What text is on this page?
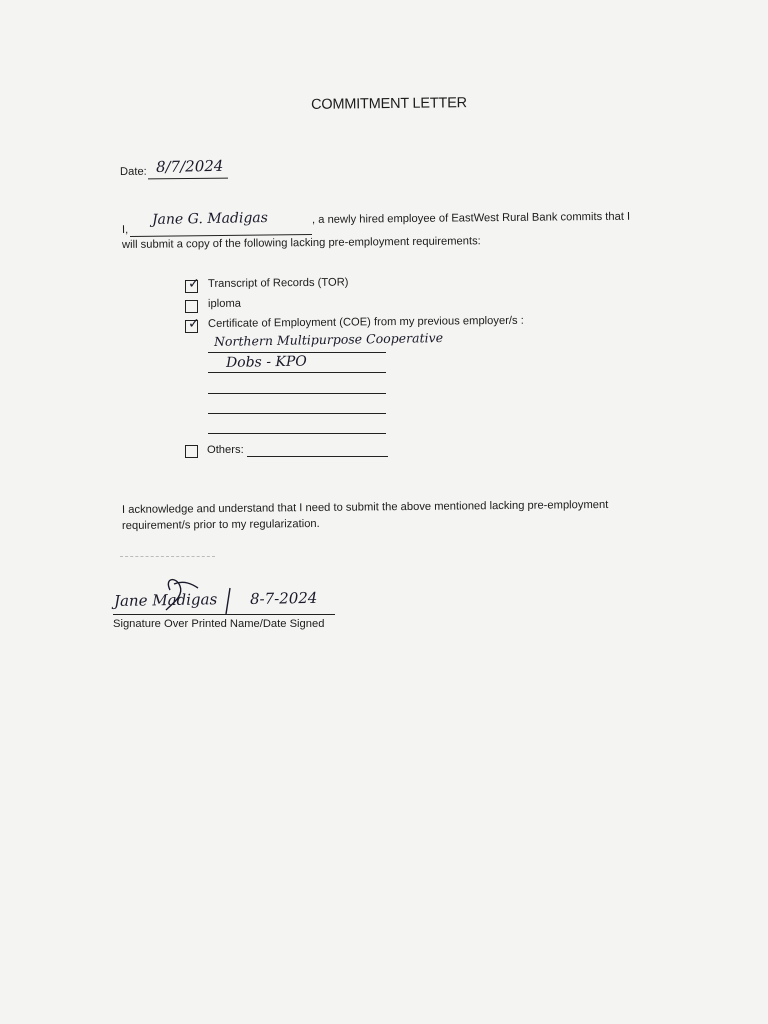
COMMITMENT LETTER
Date: 8/7/2024
I,
Jane G. Madigas	, a newly hired employee of EastWest Rural Bank commits that I
will submit a copy of the following lacking pre-employment requirements:
✓ Transcript of Records (TOR)
iploma
✓ Certificate of Employment (COE) from my previous employer/s :
Northern Multipurpose Cooperative
Dobs - KPO
Others:
I acknowledge and understand that I need to submit the above mentioned lacking pre-employment
requirement/s prior to my regularization.
Jane Madigas 8-7-2024
Signature Over Printed Name/Date Signed
